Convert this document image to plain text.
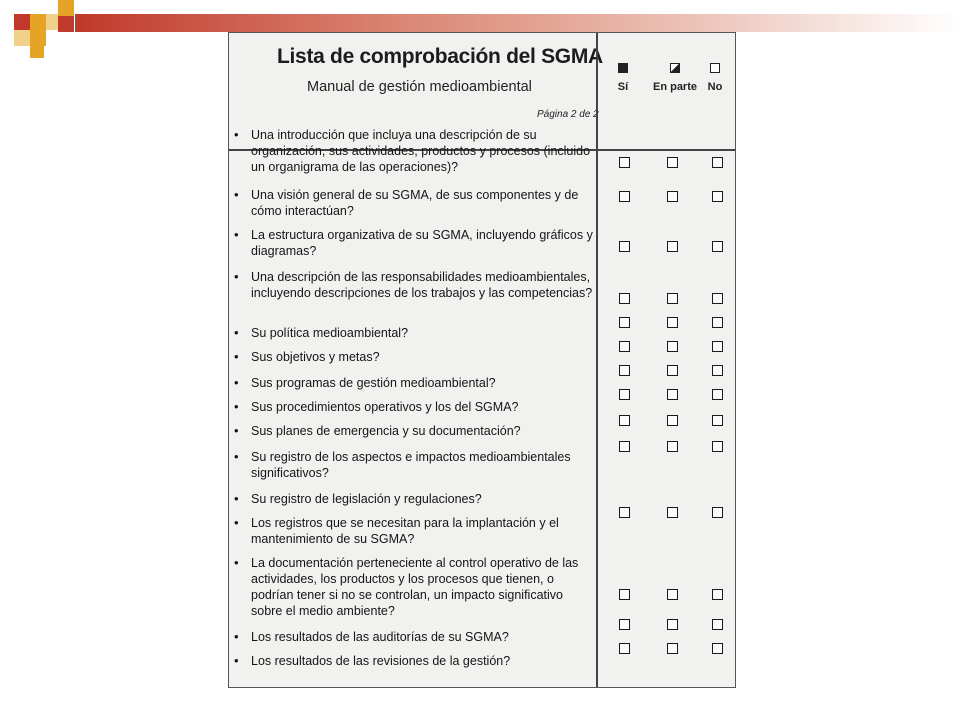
Lista de comprobación del SGMA
Manual de gestión medioambiental
Página 2 de 2
Sí	En parte No
• Una introducción que incluya una descripción de su organización, sus actividades, productos y procesos (incluido un organigrama de las operaciones)?
• Una visión general de su SGMA, de sus componentes y de cómo interactúan?
• La estructura organizativa de su SGMA, incluyendo gráficos y diagramas?
• Una descripción de las responsabilidades medioambientales, incluyendo descripciones de los trabajos y las competencias?
• Su política medioambiental?
• Sus objetivos y metas?
• Sus programas de gestión medioambiental?
• Sus procedimientos operativos y los del SGMA?
• Sus planes de emergencia y su documentación?
• Su registro de los aspectos e impactos medioambientales significativos?
• Su registro de legislación y regulaciones?
• Los registros que se necesitan para la implantación y el mantenimiento de su SGMA?
• La documentación perteneciente al control operativo de las actividades, los productos y los procesos que tienen, o podrían tener si no se controlan, un impacto significativo sobre el medio ambiente?
• Los resultados de las auditorías de su SGMA?
• Los resultados de las revisiones de la gestión?
